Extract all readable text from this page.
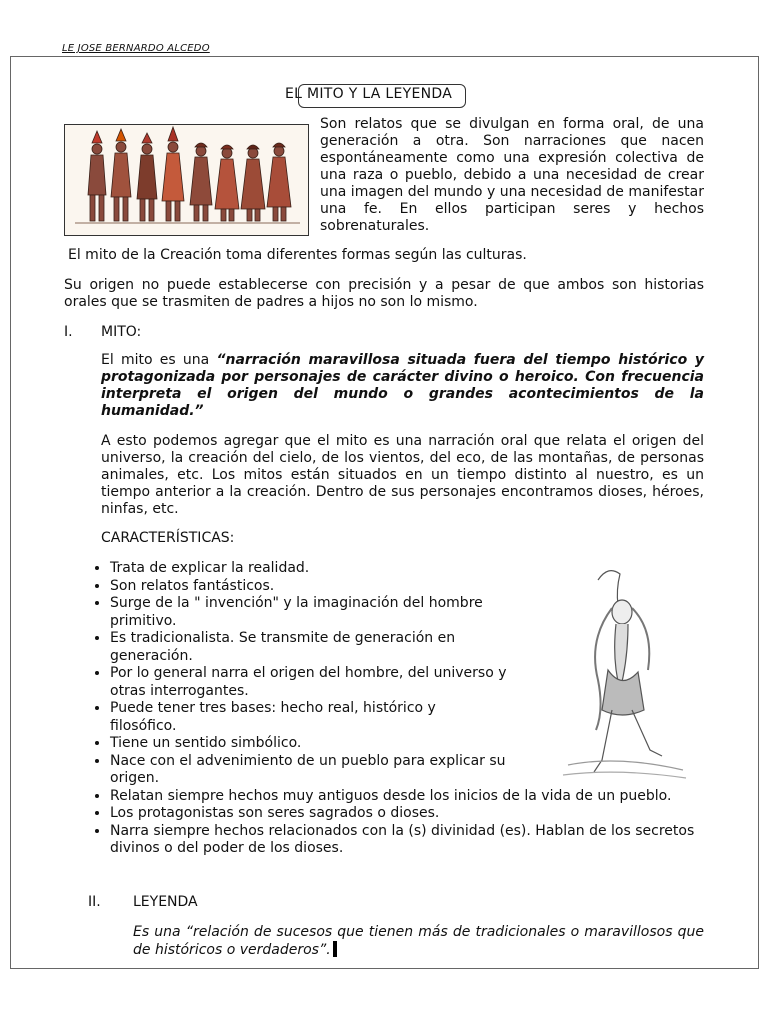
LE JOSE BERNARDO ALCEDO
EL MITO Y LA LEYENDA
Son relatos que se divulgan en forma oral, de una generación a otra. Son narraciones que nacen espontáneamente como una expresión colectiva de una raza o pueblo, debido a una necesidad de crear una imagen del mundo y una necesidad de manifestar una fe. En ellos participan seres y hechos sobrenaturales.
El mito de la Creación toma diferentes formas según las culturas.
Su origen no puede establecerse con precisión y a pesar de que ambos son historias orales que se trasmiten de padres a hijos no son lo mismo.
I. MITO:
El mito es una “narración maravillosa situada fuera del tiempo histórico y protagonizada por personajes de carácter divino o heroico. Con frecuencia interpreta el origen del mundo o grandes acontecimientos de la humanidad.”
A esto podemos agregar que el mito es una narración oral que relata el origen del universo, la creación del cielo, de los vientos, del eco, de las montañas, de personas animales, etc. Los mitos están situados en un tiempo distinto al nuestro, es un tiempo anterior a la creación. Dentro de sus personajes encontramos dioses, héroes, ninfas, etc.
CARACTERÍSTICAS:
• Trata de explicar la realidad.
• Son relatos fantásticos.
• Surge de la " invención" y la imaginación del hombre primitivo.
• Es tradicionalista. Se transmite de generación en generación.
• Por lo general narra el origen del hombre, del universo y otras interrogantes.
• Puede tener tres bases: hecho real, histórico y filosófico.
• Tiene un sentido simbólico.
• Nace con el advenimiento de un pueblo para explicar su origen.
• Relatan siempre hechos muy antiguos desde los inicios de la vida de un pueblo.
• Los protagonistas son seres sagrados o dioses.
• Narra siempre hechos relacionados con la (s) divinidad (es). Hablan de los secretos divinos o del poder de los dioses.
II. LEYENDA
Es una “relación de sucesos que tienen más de tradicionales o maravillosos que de históricos o verdaderos”.
